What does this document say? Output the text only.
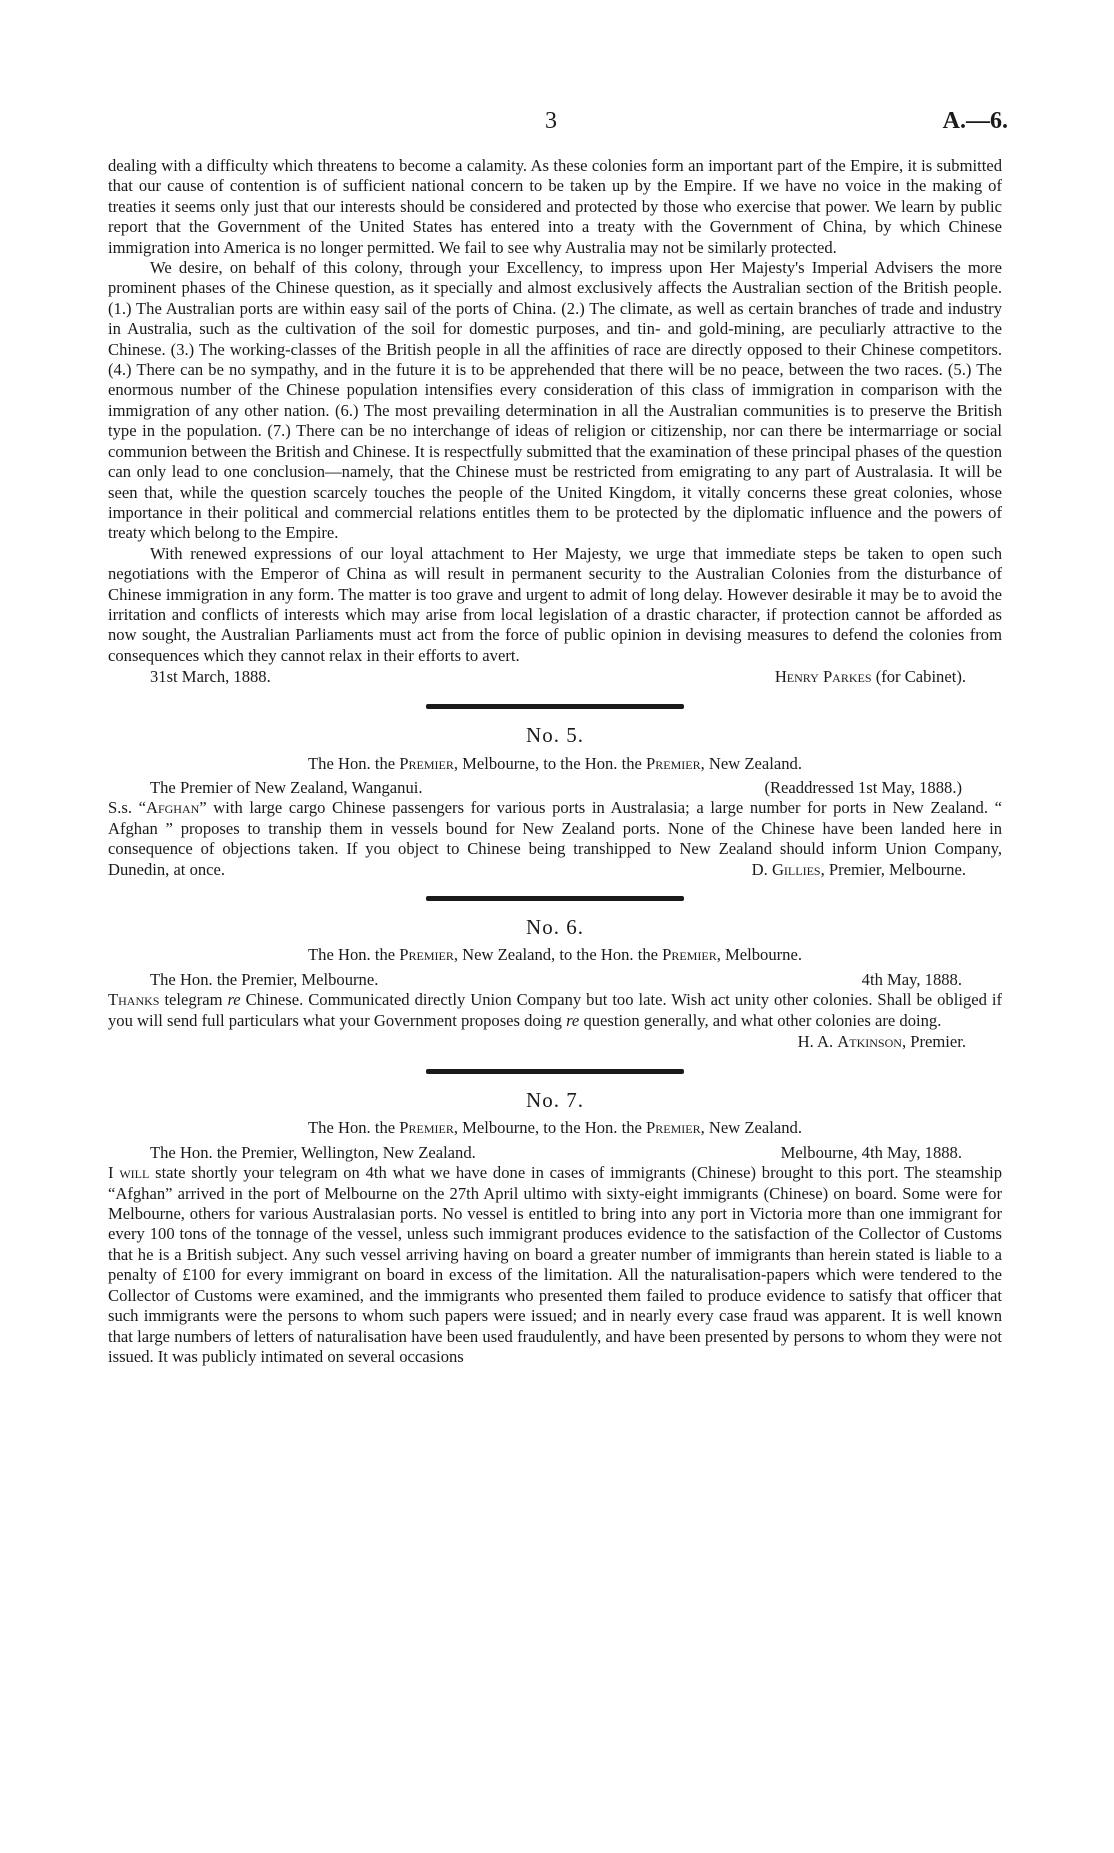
3	A.—6.

dealing with a difficulty which threatens to become a calamity. As these colonies form an important part of the Empire, it is submitted that our cause of contention is of sufficient national concern to be taken up by the Empire. If we have no voice in the making of treaties it seems only just that our interests should be considered and protected by those who exercise that power. We learn by public report that the Government of the United States has entered into a treaty with the Government of China, by which Chinese immigration into America is no longer permitted. We fail to see why Australia may not be similarly protected.

We desire, on behalf of this colony, through your Excellency, to impress upon Her Majesty's Imperial Advisers the more prominent phases of the Chinese question, as it specially and almost exclusively affects the Australian section of the British people. (1.) The Australian ports are within easy sail of the ports of China. (2.) The climate, as well as certain branches of trade and industry in Australia, such as the cultivation of the soil for domestic purposes, and tin- and gold-mining, are peculiarly attractive to the Chinese. (3.) The working-classes of the British people in all the affinities of race are directly opposed to their Chinese competitors. (4.) There can be no sympathy, and in the future it is to be apprehended that there will be no peace, between the two races. (5.) The enormous number of the Chinese population intensifies every consideration of this class of immigration in comparison with the immigration of any other nation. (6.) The most prevailing determination in all the Australian communities is to preserve the British type in the population. (7.) There can be no interchange of ideas of religion or citizenship, nor can there be intermarriage or social communion between the British and Chinese. It is respectfully submitted that the examination of these principal phases of the question can only lead to one conclusion—namely, that the Chinese must be restricted from emigrating to any part of Australasia. It will be seen that, while the question scarcely touches the people of the United Kingdom, it vitally concerns these great colonies, whose importance in their political and commercial relations entitles them to be protected by the diplomatic influence and the powers of treaty which belong to the Empire.

With renewed expressions of our loyal attachment to Her Majesty, we urge that immediate steps be taken to open such negotiations with the Emperor of China as will result in permanent security to the Australian Colonies from the disturbance of Chinese immigration in any form. The matter is too grave and urgent to admit of long delay. However desirable it may be to avoid the irritation and conflicts of interests which may arise from local legislation of a drastic character, if protection cannot be afforded as now sought, the Australian Parliaments must act from the force of public opinion in devising measures to defend the colonies from consequences which they cannot relax in their efforts to avert.

31st March, 1888.	Henry Parkes (for Cabinet).
No. 5.
The Hon. the Premier, Melbourne, to the Hon. the Premier, New Zealand.
The Premier of New Zealand, Wanganui.	(Readdressed 1st May, 1888.)

S.s. “Afghan” with large cargo Chinese passengers for various ports in Australasia; a large number for ports in New Zealand. “ Afghan ” proposes to tranship them in vessels bound for New Zealand ports. None of the Chinese have been landed here in consequence of objections taken. If you object to Chinese being transhipped to New Zealand should inform Union Company, Dunedin, at once.	D. Gillies, Premier, Melbourne.

No. 6.
The Hon. the Premier, New Zealand, to the Hon. the Premier, Melbourne.
The Hon. the Premier, Melbourne.	4th May, 1888.

Thanks telegram re Chinese. Communicated directly Union Company but too late. Wish act unity other colonies. Shall be obliged if you will send full particulars what your Government proposes doing re question generally, and what other colonies are doing.

H. A. Atkinson, Premier.
No. 7.
The Hon. the Premier, Melbourne, to the Hon. the Premier, New Zealand.
The Hon. the Premier, Wellington, New Zealand.	Melbourne, 4th May, 1888.

I will state shortly your telegram on 4th what we have done in cases of immigrants (Chinese) brought to this port. The steamship “Afghan” arrived in the port of Melbourne on the 27th April ultimo with sixty-eight immigrants (Chinese) on board. Some were for Melbourne, others for various Australasian ports. No vessel is entitled to bring into any port in Victoria more than one immigrant for every 100 tons of the tonnage of the vessel, unless such immigrant produces evidence to the satisfaction of the Collector of Customs that he is a British subject. Any such vessel arriving having on board a greater number of immigrants than herein stated is liable to a penalty of £100 for every immigrant on board in excess of the limitation. All the naturalisation-papers which were tendered to the Collector of Customs were examined, and the immigrants who presented them failed to produce evidence to satisfy that officer that such immigrants were the persons to whom such papers were issued; and in nearly every case fraud was apparent. It is well known that large numbers of letters of naturalisation have been used fraudulently, and have been presented by persons to whom they were not issued. It was publicly intimated on several occasions
